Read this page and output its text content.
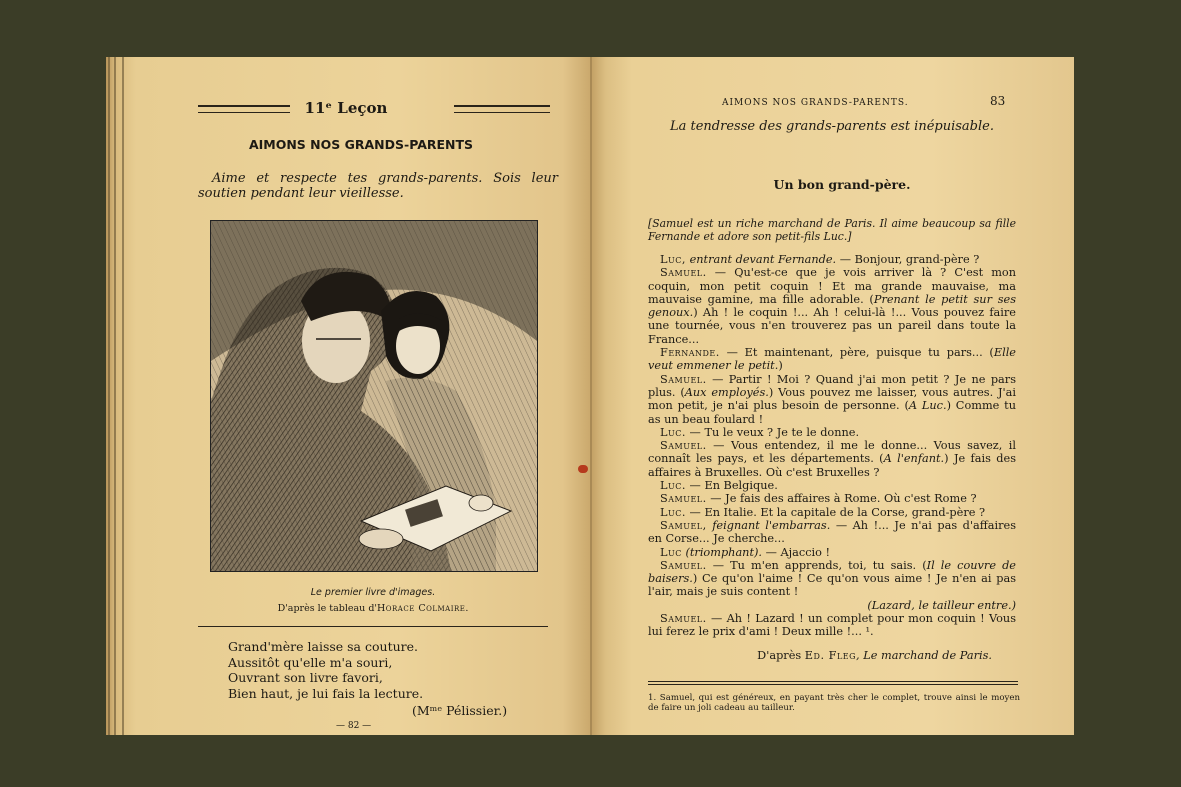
11ᵉ Leçon
AIMONS NOS GRANDS-PARENTS
Aime et respecte tes grands-parents. Sois leur soutien pendant leur vieillesse.
Le premier livre d'images.
D'après le tableau d'Horace Colmaire.
Grand'mère laisse sa couture.
Aussitôt qu'elle m'a souri,
Ouvrant son livre favori,
Bien haut, je lui fais la lecture.
(Mᵐᵉ Pélissier.)
— 82 —
AIMONS NOS GRANDS-PARENTS.	83
La tendresse des grands-parents est inépuisable.
Un bon grand-père.
[Samuel est un riche marchand de Paris. Il aime beaucoup sa fille Fernande et adore son petit-fils Luc.]

Luc, entrant devant Fernande. — Bonjour, grand-père ?

Samuel. — Qu'est-ce que je vois arriver là ? C'est mon coquin, mon petit coquin ! Et ma grande mauvaise, ma mauvaise gamine, ma fille adorable. (Prenant le petit sur ses genoux.) Ah ! le coquin !... Ah ! celui-là !... Vous pouvez faire une tournée, vous n'en trouverez pas un pareil dans toute la France...

Fernande. — Et maintenant, père, puisque tu pars... (Elle veut emmener le petit.)

Samuel. — Partir ! Moi ? Quand j'ai mon petit ? Je ne pars plus. (Aux employés.) Vous pouvez me laisser, vous autres. J'ai mon petit, je n'ai plus besoin de personne. (A Luc.) Comme tu as un beau foulard !

Luc. — Tu le veux ? Je te le donne.

Samuel. — Vous entendez, il me le donne... Vous savez, il connaît les pays, et les départements. (A l'enfant.) Je fais des affaires à Bruxelles. Où c'est Bruxelles ?

Luc. — En Belgique.

Samuel. — Je fais des affaires à Rome. Où c'est Rome ?

Luc. — En Italie. Et la capitale de la Corse, grand-père ?

Samuel, feignant l'embarras. — Ah !... Je n'ai pas d'affaires en Corse... Je cherche...

Luc (triomphant). — Ajaccio !

Samuel. — Tu m'en apprends, toi, tu sais. (Il le couvre de baisers.) Ce qu'on l'aime ! Ce qu'on vous aime ! Je n'en ai pas l'air, mais je suis content !

(Lazard, le tailleur entre.)

Samuel. — Ah ! Lazard ! un complet pour mon coquin ! Vous lui ferez le prix d'ami ! Deux mille !... ¹.

D'après Ed. Fleg, Le marchand de Paris.
1. Samuel, qui est généreux, en payant très cher le complet, trouve ainsi le moyen de faire un joli cadeau au tailleur.
